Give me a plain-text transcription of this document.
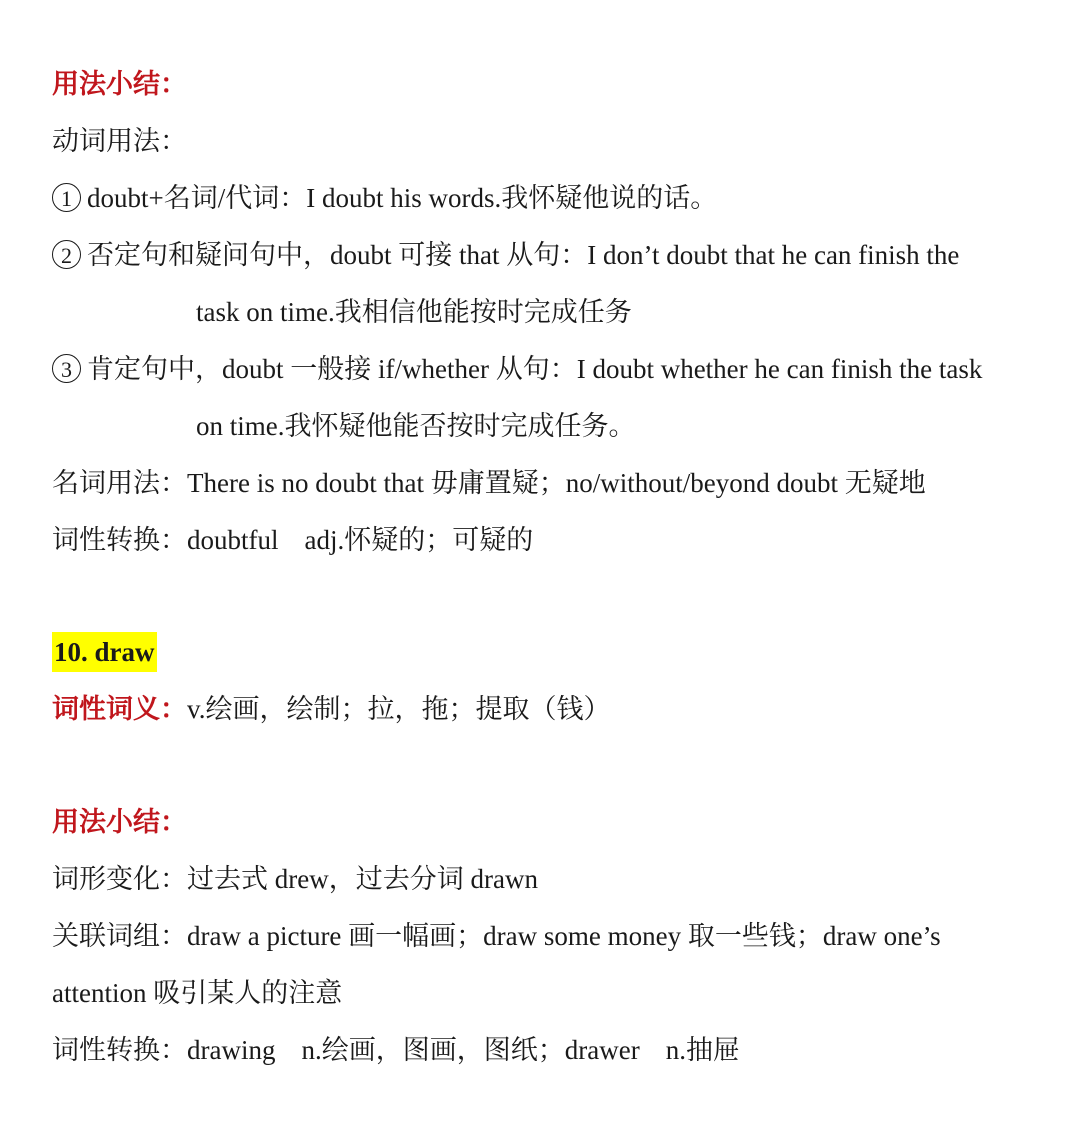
用法小结：
动词用法：
1 doubt+名词/代词：I doubt his words.我怀疑他说的话。
2 否定句和疑问句中，doubt 可接 that 从句：I don’t doubt that he can finish the
task on time.我相信他能按时完成任务
3 肯定句中，doubt 一般接 if/whether 从句：I doubt whether he can finish the task
on time.我怀疑他能否按时完成任务。
名词用法：There is no doubt that 毋庸置疑；no/without/beyond doubt 无疑地
词性转换：doubtful adj.怀疑的；可疑的
10. draw
词性词义：v.绘画，绘制；拉，拖；提取（钱）
用法小结：
词形变化：过去式 drew，过去分词 drawn
关联词组：draw a picture 画一幅画；draw some money 取一些钱；draw one’s
attention 吸引某人的注意
词性转换：drawing n.绘画，图画，图纸；drawer n.抽屉
